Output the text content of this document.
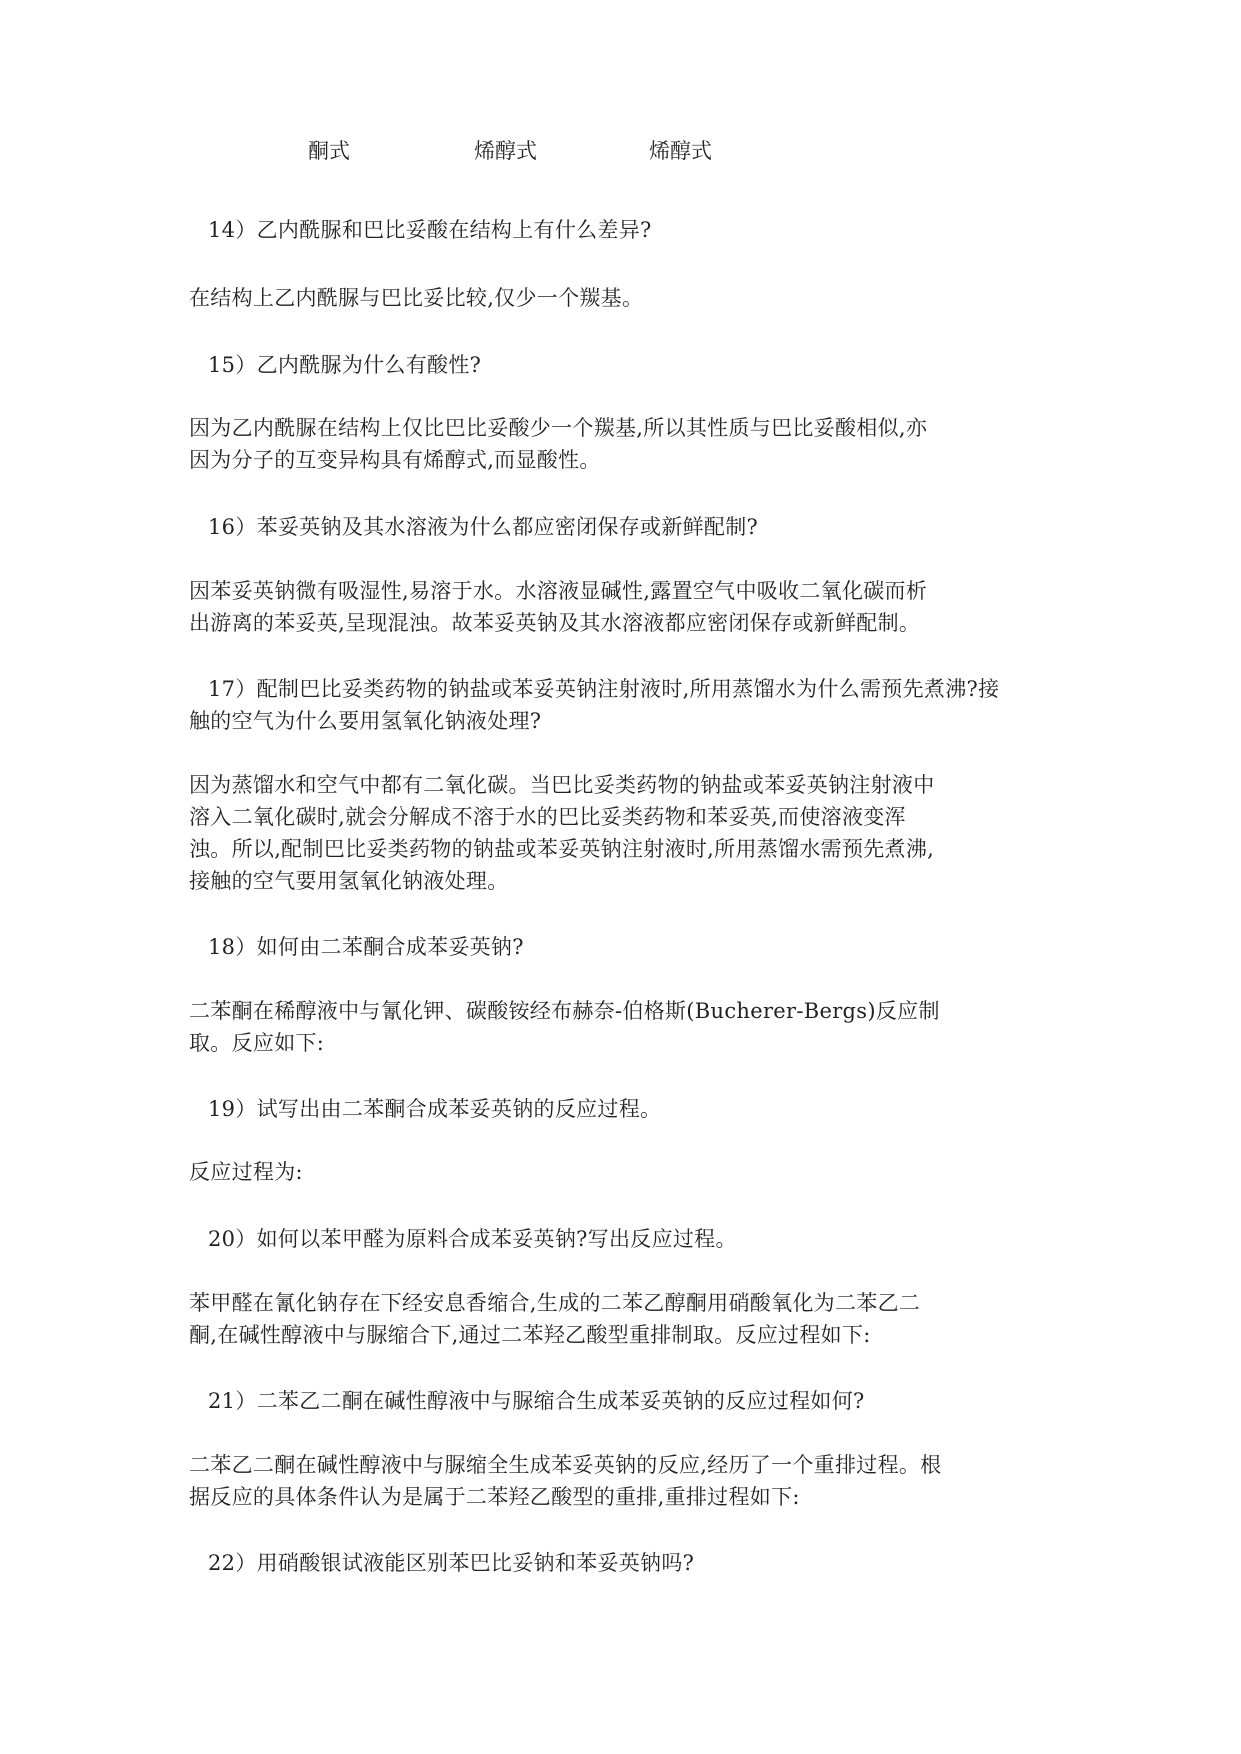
酮式	烯醇式	烯醇式
14）乙内酰脲和巴比妥酸在结构上有什么差异?
在结构上乙内酰脲与巴比妥比较,仅少一个羰基。
15）乙内酰脲为什么有酸性?
因为乙内酰脲在结构上仅比巴比妥酸少一个羰基,所以其性质与巴比妥酸相似,亦
因为分子的互变异构具有烯醇式,而显酸性。
16）苯妥英钠及其水溶液为什么都应密闭保存或新鲜配制?
因苯妥英钠微有吸湿性,易溶于水。水溶液显碱性,露置空气中吸收二氧化碳而析
出游离的苯妥英,呈现混浊。故苯妥英钠及其水溶液都应密闭保存或新鲜配制。
17）配制巴比妥类药物的钠盐或苯妥英钠注射液时,所用蒸馏水为什么需预先煮沸?接
触的空气为什么要用氢氧化钠液处理?
因为蒸馏水和空气中都有二氧化碳。当巴比妥类药物的钠盐或苯妥英钠注射液中
溶入二氧化碳时,就会分解成不溶于水的巴比妥类药物和苯妥英,而使溶液变浑
浊。所以,配制巴比妥类药物的钠盐或苯妥英钠注射液时,所用蒸馏水需预先煮沸,
接触的空气要用氢氧化钠液处理。
18）如何由二苯酮合成苯妥英钠?
二苯酮在稀醇液中与氰化钾、碳酸铵经布赫奈-伯格斯(Bucherer-Bergs)反应制
取。反应如下:
19）试写出由二苯酮合成苯妥英钠的反应过程。
反应过程为:
20）如何以苯甲醛为原料合成苯妥英钠?写出反应过程。
苯甲醛在氰化钠存在下经安息香缩合,生成的二苯乙醇酮用硝酸氧化为二苯乙二
酮,在碱性醇液中与脲缩合下,通过二苯羟乙酸型重排制取。反应过程如下:
21）二苯乙二酮在碱性醇液中与脲缩合生成苯妥英钠的反应过程如何?
二苯乙二酮在碱性醇液中与脲缩全生成苯妥英钠的反应,经历了一个重排过程。根
据反应的具体条件认为是属于二苯羟乙酸型的重排,重排过程如下:
22）用硝酸银试液能区别苯巴比妥钠和苯妥英钠吗?
